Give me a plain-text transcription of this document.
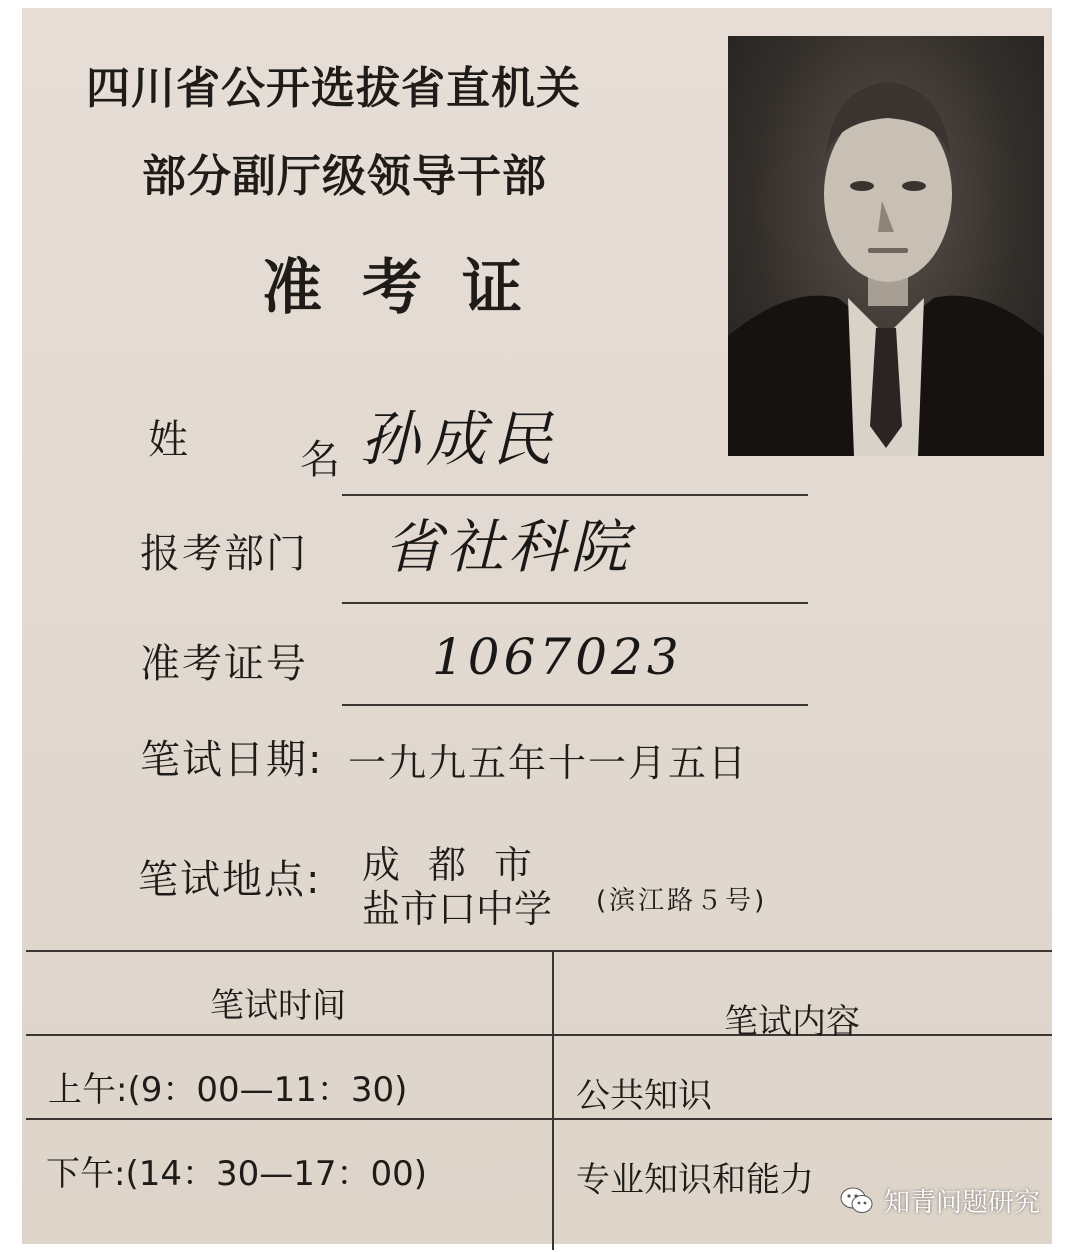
四川省公开选拔省直机关
部分副厅级领导干部
准考证
姓	名 孙成民
报考部门 省社科院
准考证号 1067023
笔试日期: 一九九五年十一月五日
笔试地点: 成都市
盐市口中学 (滨江路５号)
笔试时间	笔试内容
上午:(9：00—11：30)	公共知识
下午:(14：30—17：00)	专业知识和能力
知青问题研究
